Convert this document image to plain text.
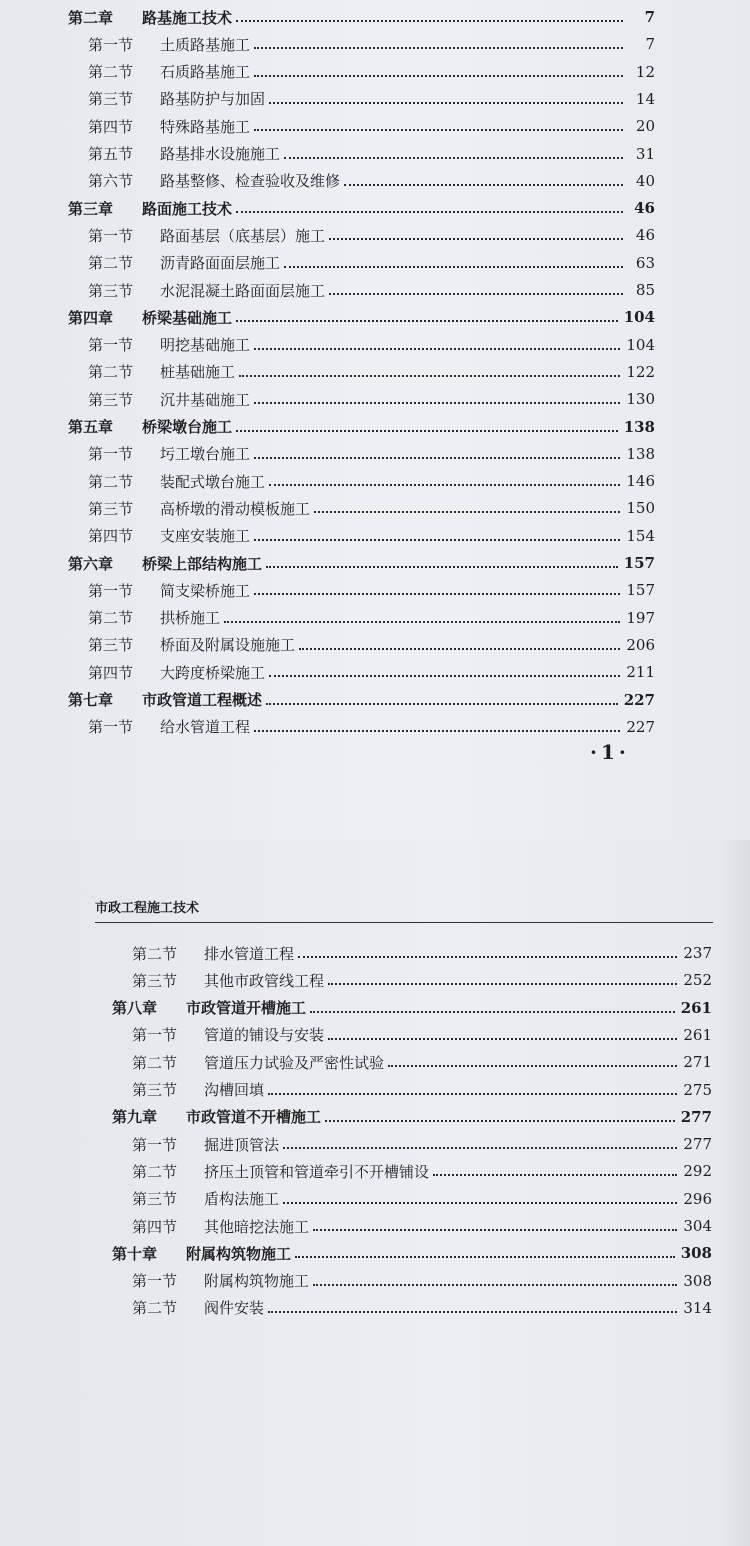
第二章	路基施工技术	7
第一节	土质路基施工	7
第二节	石质路基施工	12
第三节	路基防护与加固	14
第四节	特殊路基施工	20
第五节	路基排水设施施工	31
第六节	路基整修、检查验收及维修	40
第三章	路面施工技术	46
第一节	路面基层（底基层）施工	46
第二节	沥青路面面层施工	63
第三节	水泥混凝土路面面层施工	85
第四章	桥梁基础施工	104
第一节	明挖基础施工	104
第二节	桩基础施工	122
第三节	沉井基础施工	130
第五章	桥梁墩台施工	138
第一节	圬工墩台施工	138
第二节	装配式墩台施工	146
第三节	高桥墩的滑动模板施工	150
第四节	支座安装施工	154
第六章	桥梁上部结构施工	157
第一节	简支梁桥施工	157
第二节	拱桥施工	197
第三节	桥面及附属设施施工	206
第四节	大跨度桥梁施工	211
第七章	市政管道工程概述	227
第一节	给水管道工程	227
·1·
市政工程施工技术
第二节	排水管道工程	237
第三节	其他市政管线工程	252
第八章	市政管道开槽施工	261
第一节	管道的铺设与安装	261
第二节	管道压力试验及严密性试验	271
第三节	沟槽回填	275
第九章	市政管道不开槽施工	277
第一节	掘进顶管法	277
第二节	挤压土顶管和管道牵引不开槽铺设	292
第三节	盾构法施工	296
第四节	其他暗挖法施工	304
第十章	附属构筑物施工	308
第一节	附属构筑物施工	308
第二节	阀件安装	314
